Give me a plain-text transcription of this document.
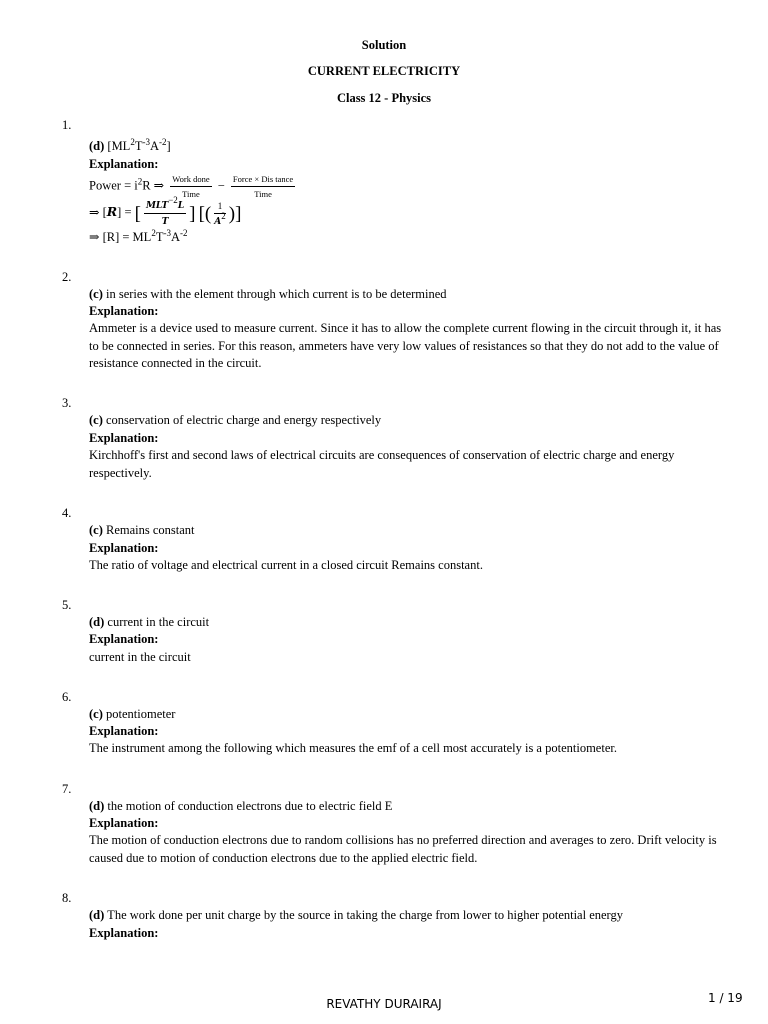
Solution
CURRENT ELECTRICITY
Class 12 - Physics
1.
(d) $[ML^2T^{-3}A^{-2}]$
Explanation:
Power = $i^2R$ ⇒ $\frac{\text{Work done}}{\text{Time}} - \frac{\text{Force × Dis tance}}{\text{Time}}$
⇒ [R] = [ $\frac{MLT^{-2}L}{T}$ ] [( $\frac{1}{A^2}$ )]
⇒ $[R] = ML^2T^{-3}A^{-2}$
2.
(c) in series with the element through which current is to be determined
Explanation:
Ammeter is a device used to measure current. Since it has to allow the complete current flowing in the circuit through it, it has to be connected in series. For this reason, ammeters have very low values of resistances so that they do not add to the value of resistance connected in the circuit.
3.
(c) conservation of electric charge and energy respectively
Explanation:
Kirchhoff's first and second laws of electrical circuits are consequences of conservation of electric charge and energy respectively.
4.
(c) Remains constant
Explanation:
The ratio of voltage and electrical current in a closed circuit Remains constant.
5.
(d) current in the circuit
Explanation:
current in the circuit
6.
(c) potentiometer
Explanation:
The instrument among the following which measures the emf of a cell most accurately is a potentiometer.
7.
(d) the motion of conduction electrons due to electric field E
Explanation:
The motion of conduction electrons due to random collisions has no preferred direction and averages to zero. Drift velocity is caused due to motion of conduction electrons due to the applied electric field.
8.
(d) The work done per unit charge by the source in taking the charge from lower to higher potential energy
Explanation:
REVATHY DURAIRAJ	1 / 19
